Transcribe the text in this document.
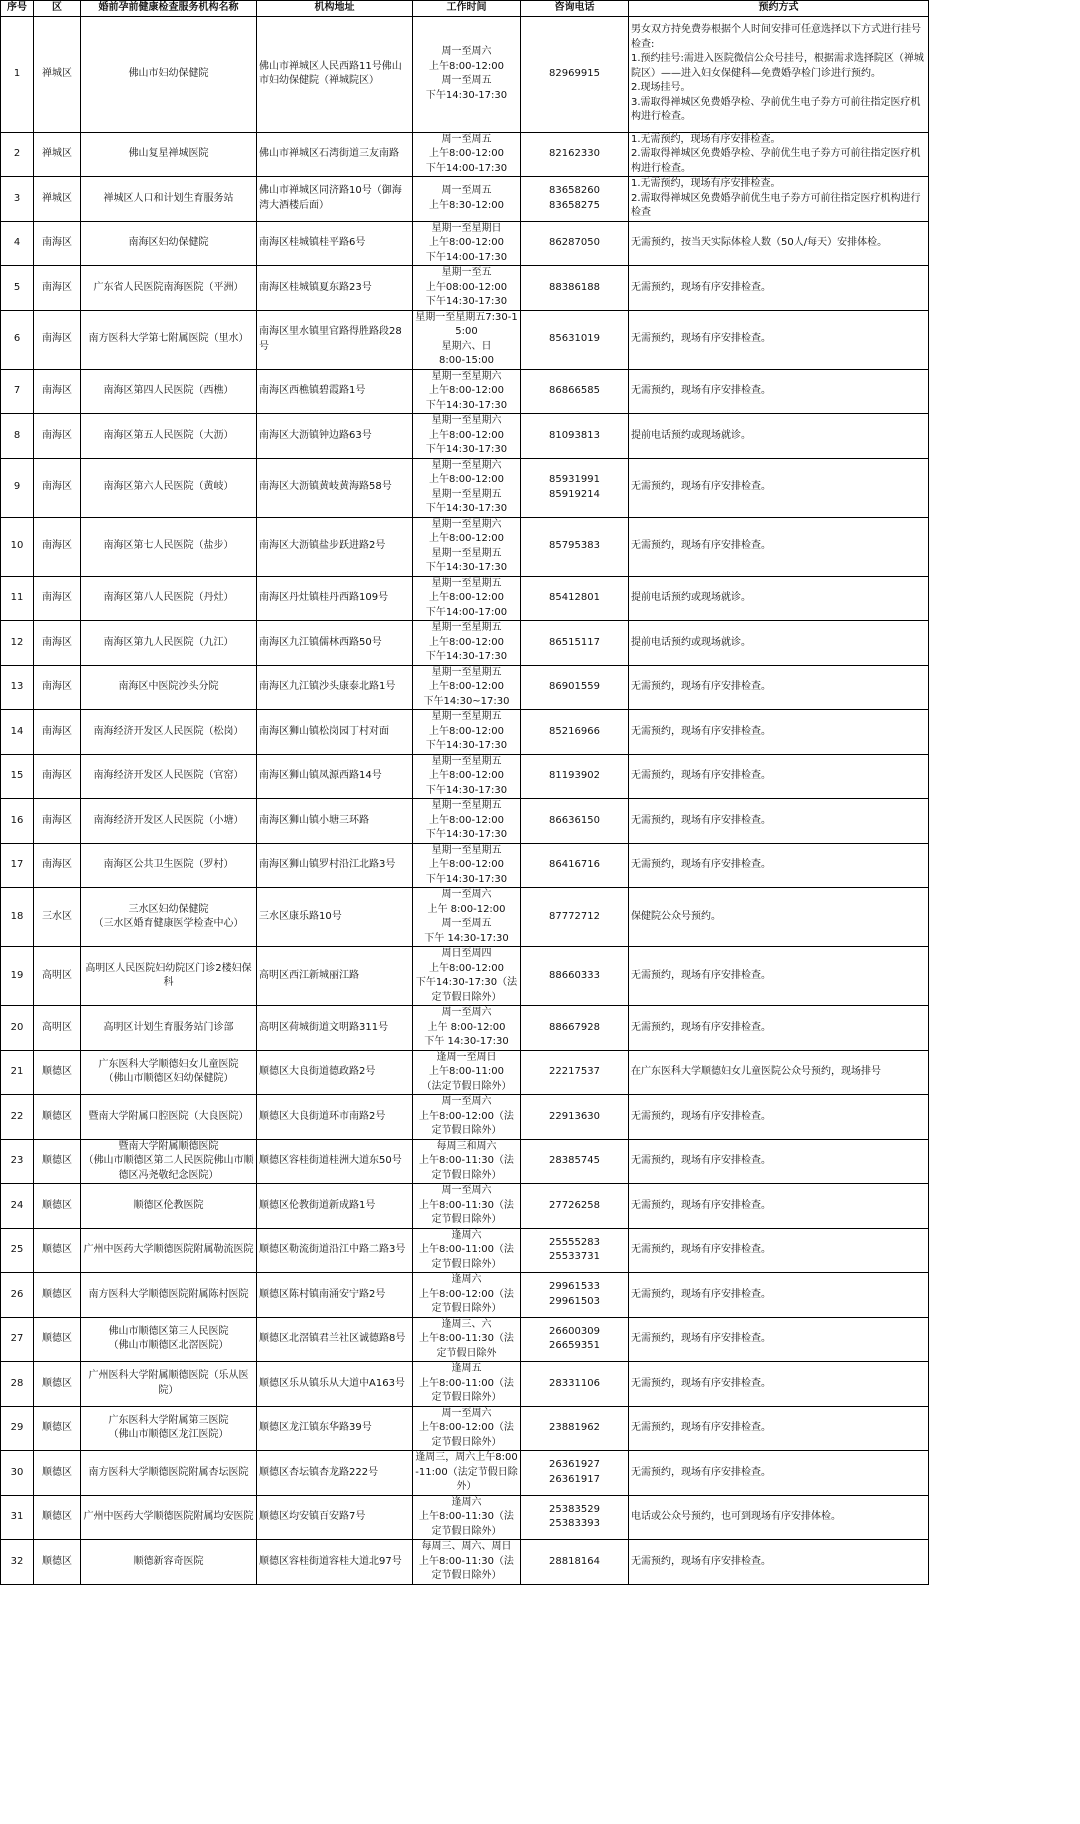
序号	区	婚前孕前健康检查服务机构名称	机构地址	工作时间	咨询电话	预约方式
1	禅城区	佛山市妇幼保健院	佛山市禅城区人民西路11号佛山市妇幼保健院（禅城院区）	周一至周六
上午8:00-12:00
周一至周五
下午14:30-17:30	82969915	男女双方持免费券根据个人时间安排可任意选择以下方式进行挂号检查:
1.预约挂号:需进入医院微信公众号挂号，根据需求选择院区（禅城院区）——进入妇女保健科—免费婚孕检门诊进行预约。
2.现场挂号。
3.需取得禅城区免费婚孕检、孕前优生电子券方可前往指定医疗机构进行检查。
2	禅城区	佛山复星禅城医院	佛山市禅城区石湾街道三友南路	周一至周五
上午8:00-12:00
下午14:00-17:30	82162330	1.无需预约，现场有序安排检查。
2.需取得禅城区免费婚孕检、孕前优生电子券方可前往指定医疗机构进行检查。
3	禅城区	禅城区人口和计划生育服务站	佛山市禅城区同济路10号（御海湾大酒楼后面）	周一至周五
上午8:30-12:00	83658260
83658275	1.无需预约，现场有序安排检查。
2.需取得禅城区免费婚孕前优生电子券方可前往指定医疗机构进行检查
4	南海区	南海区妇幼保健院	南海区桂城镇桂平路6号	星期一至星期日
上午8:00-12:00
下午14:00-17:30	86287050	无需预约，按当天实际体检人数（50人/每天）安排体检。
5	南海区	广东省人民医院南海医院（平洲）	南海区桂城镇夏东路23号	星期一至五
上午08:00-12:00
下午14:30-17:30	88386188	无需预约，现场有序安排检查。
6	南海区	南方医科大学第七附属医院（里水）	南海区里水镇里官路得胜路段28号	星期一至星期五7:30-15:00
星期六、日
8:00-15:00	85631019	无需预约，现场有序安排检查。
7	南海区	南海区第四人民医院（西樵）	南海区西樵镇碧霞路1号	星期一至星期六
上午8:00-12:00
下午14:30-17:30	86866585	无需预约，现场有序安排检查。
8	南海区	南海区第五人民医院（大沥）	南海区大沥镇钟边路63号	星期一至星期六
上午8:00-12:00
下午14:30-17:30	81093813	提前电话预约或现场就诊。
9	南海区	南海区第六人民医院（黄岐）	南海区大沥镇黄岐黄海路58号	星期一至星期六
上午8:00-12:00
星期一至星期五
下午14:30-17:30	85931991
85919214	无需预约，现场有序安排检查。
10	南海区	南海区第七人民医院（盐步）	南海区大沥镇盐步跃进路2号	星期一至星期六
上午8:00-12:00
星期一至星期五
下午14:30-17:30	85795383	无需预约，现场有序安排检查。
11	南海区	南海区第八人民医院（丹灶）	南海区丹灶镇桂丹西路109号	星期一至星期五
上午8:00-12:00
下午14:00-17:00	85412801	提前电话预约或现场就诊。
12	南海区	南海区第九人民医院（九江）	南海区九江镇儒林西路50号	星期一至星期五
上午8:00-12:00
下午14:30-17:30	86515117	提前电话预约或现场就诊。
13	南海区	南海区中医院沙头分院	南海区九江镇沙头康泰北路1号	星期一至星期五
上午8:00-12:00
下午14:30~17:30	86901559	无需预约，现场有序安排检查。
14	南海区	南海经济开发区人民医院（松岗）	南海区狮山镇松岗园丁村对面	星期一至星期五
上午8:00-12:00
下午14:30-17:30	85216966	无需预约，现场有序安排检查。
15	南海区	南海经济开发区人民医院（官窑）	南海区狮山镇凤源西路14号	星期一至星期五
上午8:00-12:00
下午14:30-17:30	81193902	无需预约，现场有序安排检查。
16	南海区	南海经济开发区人民医院（小塘）	南海区狮山镇小塘三环路	星期一至星期五
上午8:00-12:00
下午14:30-17:30	86636150	无需预约，现场有序安排检查。
17	南海区	南海区公共卫生医院（罗村）	南海区狮山镇罗村沿江北路3号	星期一至星期五
上午8:00-12:00
下午14:30-17:30	86416716	无需预约，现场有序安排检查。
18	三水区	三水区妇幼保健院
（三水区婚育健康医学检查中心）	三水区康乐路10号	周一至周六
上午 8:00-12:00
周一至周五
下午 14:30-17:30	87772712	保健院公众号预约。
19	高明区	高明区人民医院妇幼院区门诊2楼妇保科	高明区西江新城丽江路	周日至周四
上午8:00-12:00
下午14:30-17:30（法定节假日除外）	88660333	无需预约，现场有序安排检查。
20	高明区	高明区计划生育服务站门诊部	高明区荷城街道文明路311号	周一至周六
上午 8:00-12:00
下午 14:30-17:30	88667928	无需预约，现场有序安排检查。
21	顺德区	广东医科大学顺德妇女儿童医院
（佛山市顺德区妇幼保健院）	顺德区大良街道德政路2号	逢周一至周日
上午8:00-11:00
（法定节假日除外）	22217537	在广东医科大学顺德妇女儿童医院公众号预约，现场排号
22	顺德区	暨南大学附属口腔医院（大良医院）	顺德区大良街道环市南路2号	周一至周六
上午8:00-12:00（法定节假日除外）	22913630	无需预约，现场有序安排检查。
23	顺德区	暨南大学附属顺德医院
（佛山市顺德区第二人民医院佛山市顺德区冯尧敬纪念医院）	顺德区容桂街道桂洲大道东50号	每周三和周六
上午8:00-11:30（法定节假日除外）	28385745	无需预约，现场有序安排检查。
24	顺德区	顺德区伦教医院	顺德区伦教街道新成路1号	周一至周六
上午8:00-11:30（法定节假日除外）	27726258	无需预约，现场有序安排检查。
25	顺德区	广州中医药大学顺德医院附属勒流医院	顺德区勒流街道沿江中路二路3号	逢周六
上午8:00-11:00（法定节假日除外）	25555283
25533731	无需预约，现场有序安排检查。
26	顺德区	南方医科大学顺德医院附属陈村医院	顺德区陈村镇南涌安宁路2号	逢周六
上午8:00-12:00（法定节假日除外）	29961533
29961503	无需预约，现场有序安排检查。
27	顺德区	佛山市顺德区第三人民医院
（佛山市顺德区北滘医院）	顺德区北滘镇君兰社区诚德路8号	逢周三、六
上午8:00-11:30（法定节假日除外	26600309
26659351	无需预约，现场有序安排检查。
28	顺德区	广州医科大学附属顺德医院（乐从医院）	顺德区乐从镇乐从大道中A163号	逢周五
上午8:00-11:00（法定节假日除外）	28331106	无需预约，现场有序安排检查。
29	顺德区	广东医科大学附属第三医院
（佛山市顺德区龙江医院）	顺德区龙江镇东华路39号	周一至周六
上午8:00-12:00（法定节假日除外）	23881962	无需预约，现场有序安排检查。
30	顺德区	南方医科大学顺德医院附属杏坛医院	顺德区杏坛镇杏龙路222号	逢周三，周六上午8:00-11:00（法定节假日除外）	26361927
26361917	无需预约，现场有序安排检查。
31	顺德区	广州中医药大学顺德医院附属均安医院	顺德区均安镇百安路7号	逢周六
上午8:00-11:30（法定节假日除外）	25383529
25383393	电话或公众号预约，也可到现场有序安排体检。
32	顺德区	顺德新容奇医院	顺德区容桂街道容桂大道北97号	每周三、周六、周日
上午8:00-11:30（法定节假日除外）	28818164	无需预约，现场有序安排检查。
